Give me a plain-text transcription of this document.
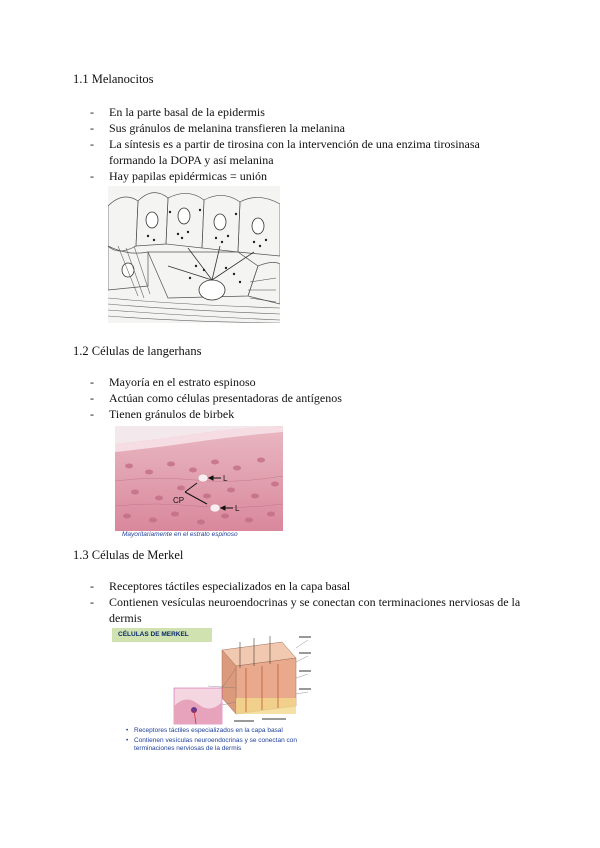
1.1 Melanocitos
- En la parte basal de la epidermis
- Sus gránulos de melanina transfieren la melanina
- La síntesis es a partir de tirosina con la intervención de una enzima tirosinasa formando la DOPA y así melanina
- Hay papilas epidérmicas = unión
1.2 Células de langerhans
- Mayoría en el estrato espinoso
- Actúan como células presentadoras de antígenos
- Tienen gránulos de birbek
L
L
CP
Mayoritariamente en el estrato espinoso
1.3 Células de Merkel
- Receptores táctiles especializados en la capa basal
- Contienen vesículas neuroendocrinas y se conectan con terminaciones nerviosas de la dermis
CÉLULAS DE MERKEL
• Receptores táctiles especializados en la capa basal
• Contienen vesículas neuroendocrinas y se conectan con terminaciones nerviosas de la dermis
